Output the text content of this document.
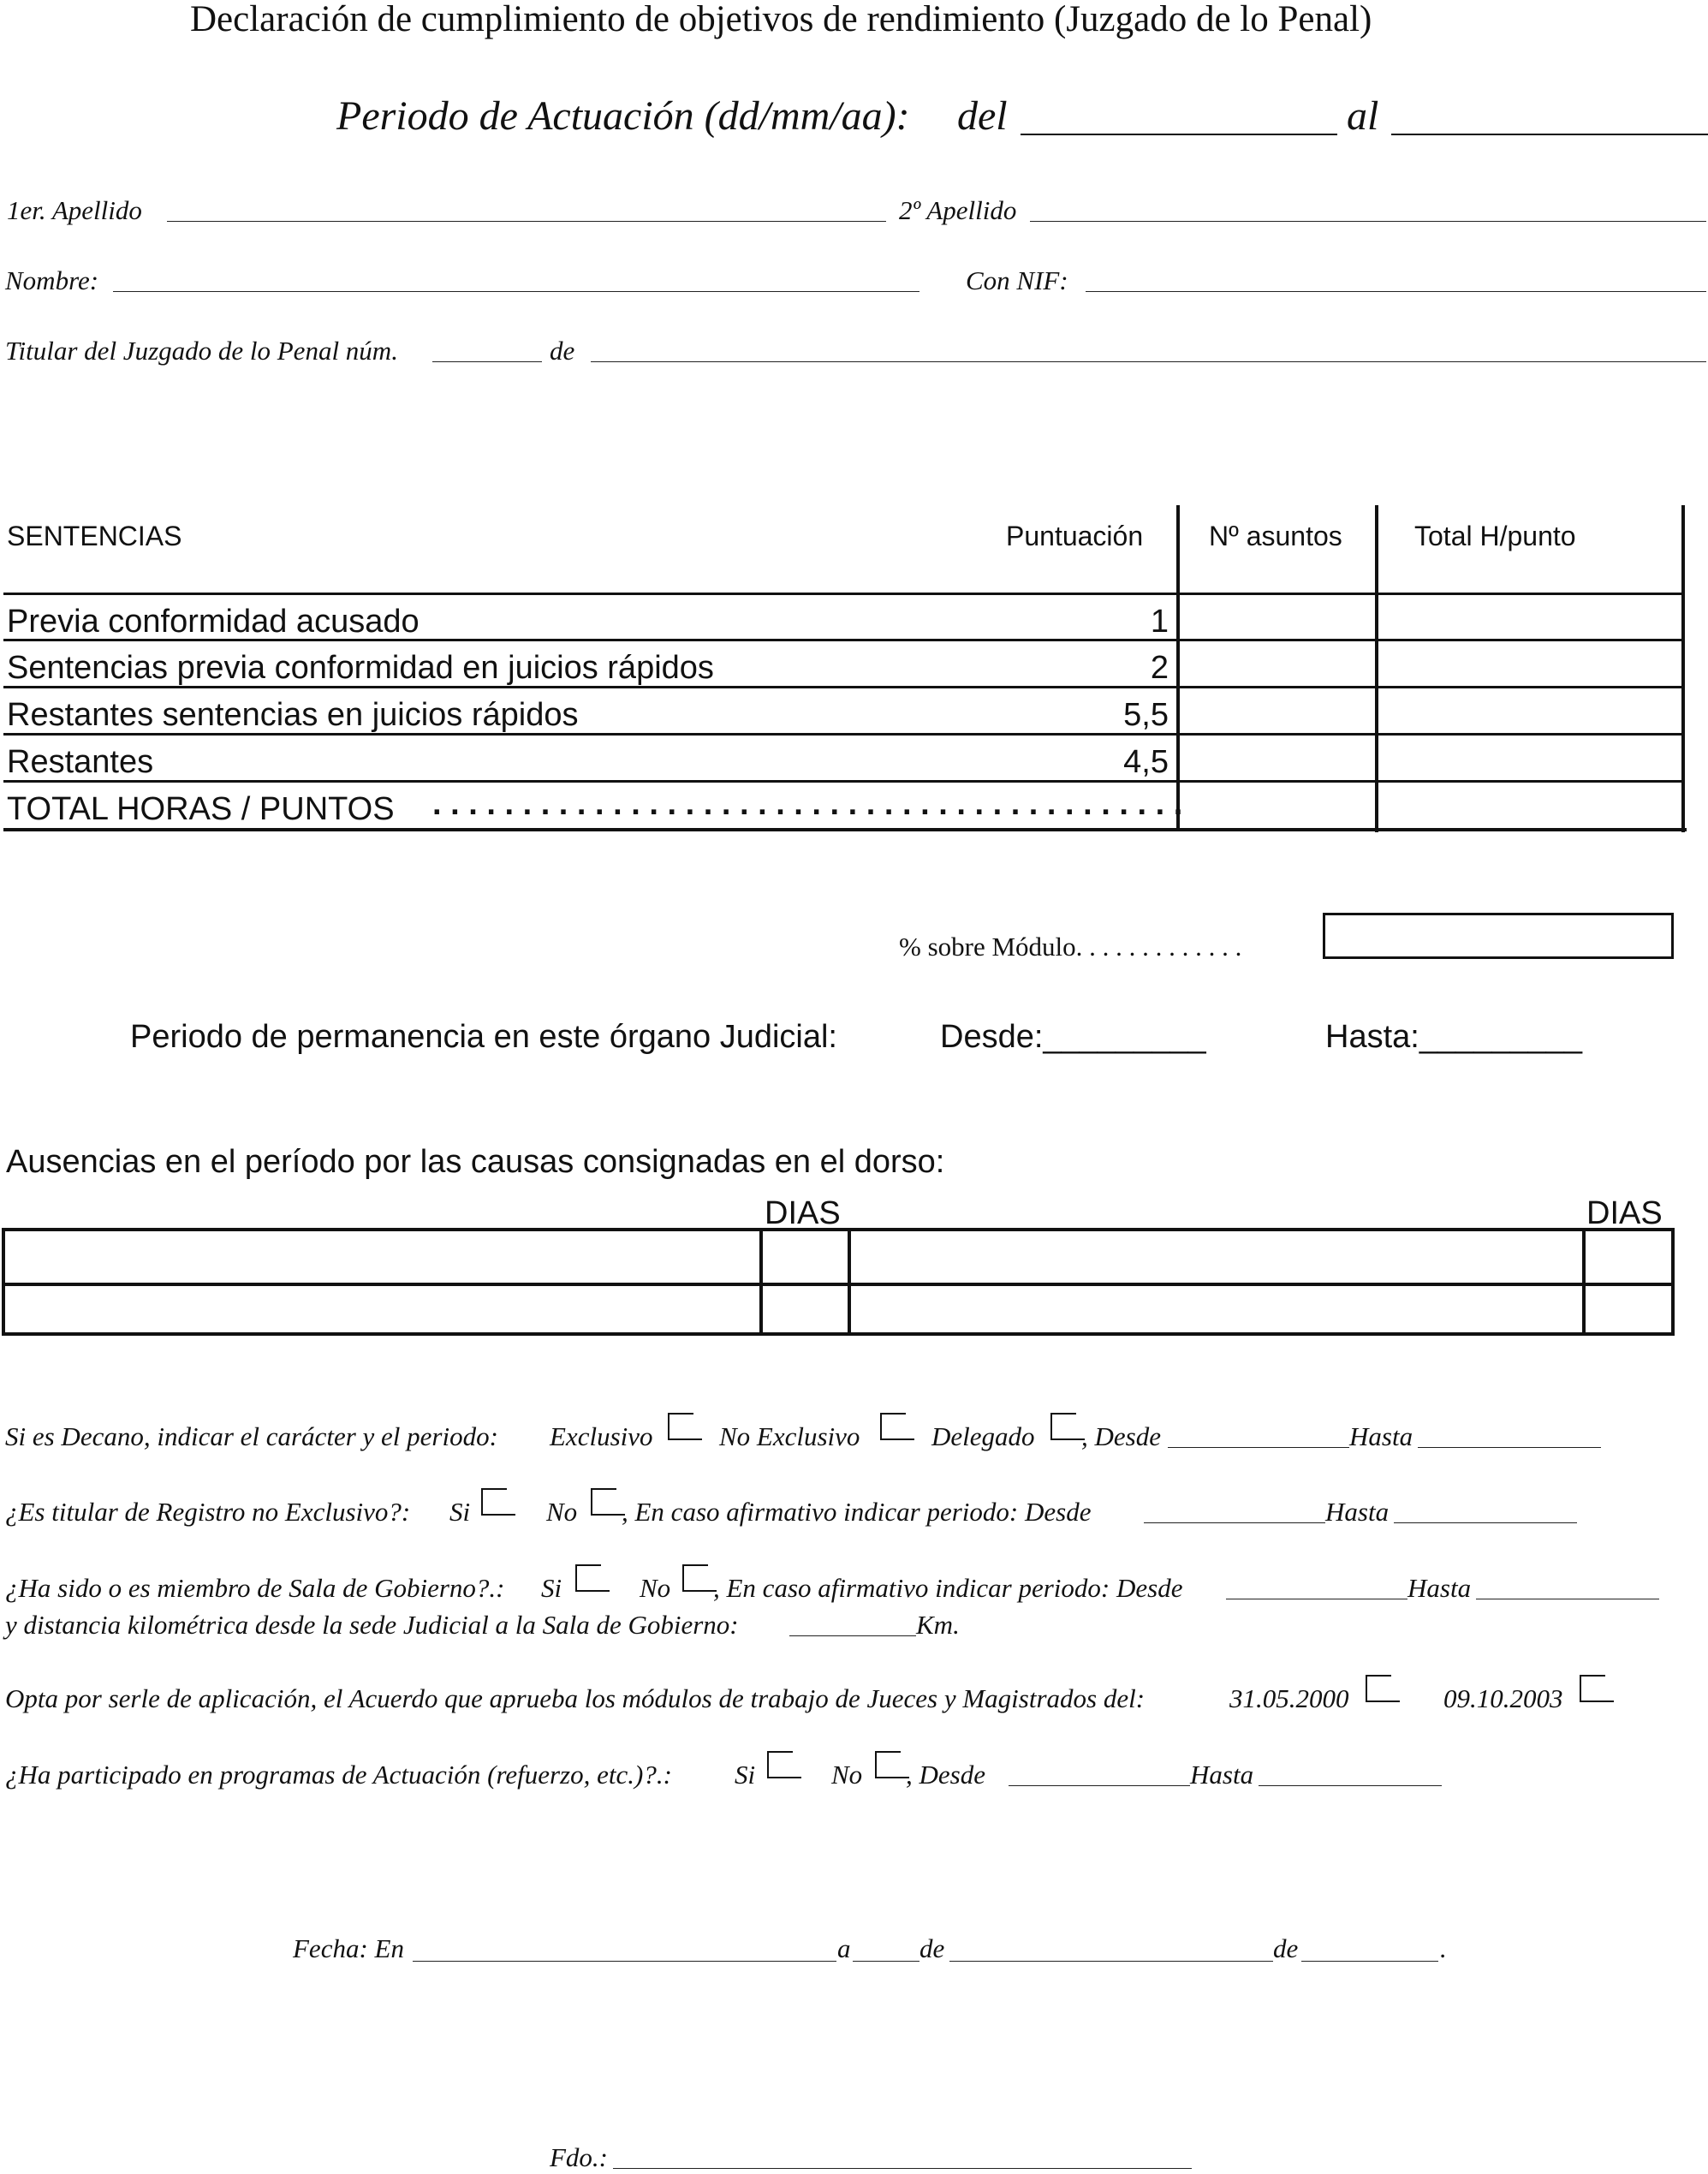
Declaración de cumplimiento de objetivos de rendimiento (Juzgado de lo Penal)
Periodo de Actuación (dd/mm/aa): del	al
1er. Apellido	2º Apellido
Nombre:	Con NIF:
Titular del Juzgado de lo Penal núm.	de
SENTENCIAS	Puntuación Nº asuntos	Total H/punto
Previa conformidad acusado	1
Sentencias previa conformidad en juicios rápidos	2
Restantes sentencias en juicios rápidos	5,5
Restantes	4,5
TOTAL HORAS / PUNTOS . . . . . . . . . . . . . . . . . . . . . . . . . . . . . . . . . . . . . . . . . .
% sobre Módulo. . . . . . . . . . . . .
Periodo de permanencia en este órgano Judicial:	Desde:_________	Hasta:_________
Ausencias en el período por las causas consignadas en el dorso:
DIAS	DIAS
Si es Decano, indicar el carácter y el periodo: Exclusivo No Exclusivo	Delegado , Desde	Hasta
¿Es titular de Registro no Exclusivo?: Si	No , En caso afirmativo indicar periodo: Desde	Hasta
¿Ha sido o es miembro de Sala de Gobierno?.: Si	No , En caso afirmativo indicar periodo: Desde	Hasta
y distancia kilométrica desde la sede Judicial a la Sala de Gobierno:	Km.
Opta por serle de aplicación, el Acuerdo que aprueba los módulos de trabajo de Jueces y Magistrados del:	31.05.2000	09.10.2003
¿Ha participado en programas de Actuación (refuerzo, etc.)?.: Si	No , Desde	Hasta
Fecha: En	a	de	de	.
Fdo.:
